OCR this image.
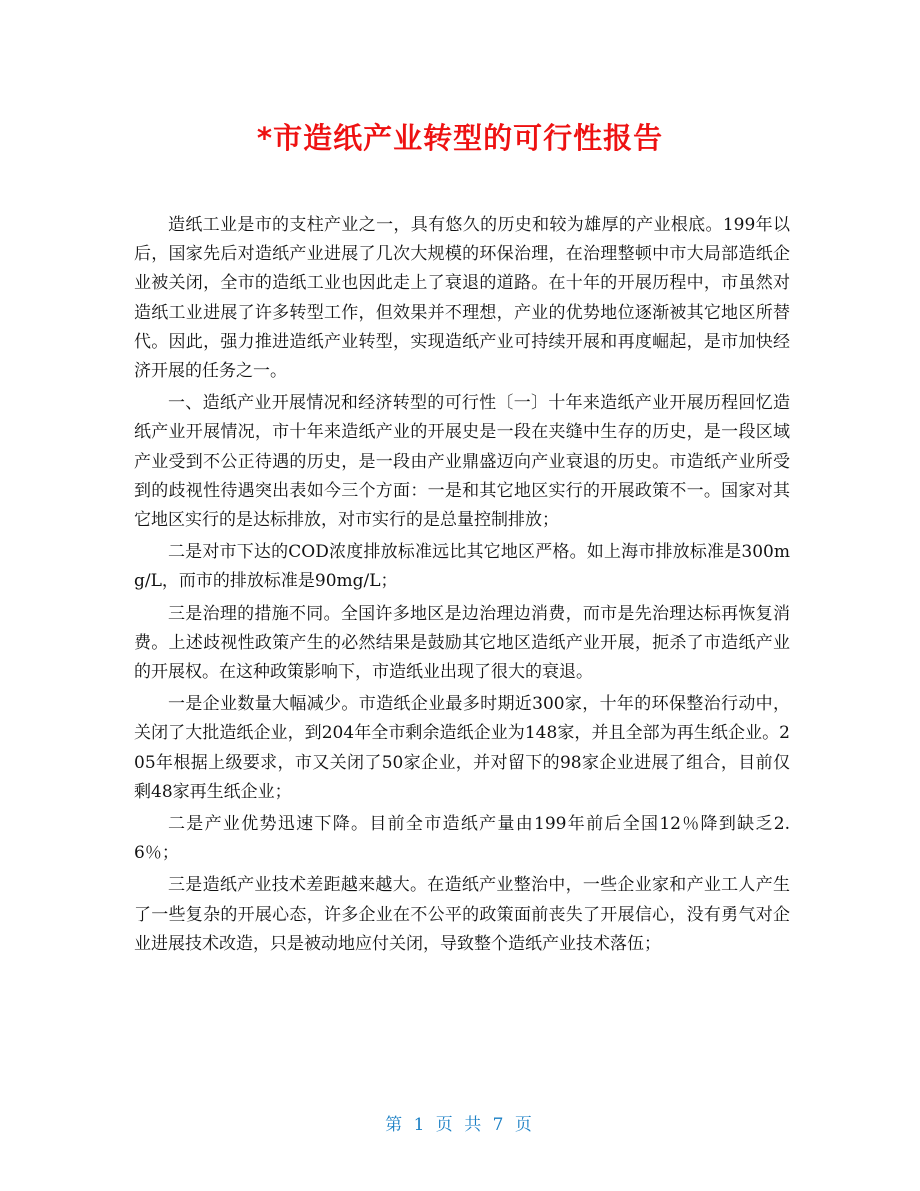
*市造纸产业转型的可行性报告

造纸工业是市的支柱产业之一，具有悠久的历史和较为雄厚的产业根底。199年以后，国家先后对造纸产业进展了几次大规模的环保治理，在治理整顿中市大局部造纸企业被关闭，全市的造纸工业也因此走上了衰退的道路。在十年的开展历程中，市虽然对造纸工业进展了许多转型工作，但效果并不理想，产业的优势地位逐渐被其它地区所替代。因此，强力推进造纸产业转型，实现造纸产业可持续开展和再度崛起，是市加快经济开展的任务之一。

一、造纸产业开展情况和经济转型的可行性〔一〕十年来造纸产业开展历程回忆造纸产业开展情况，市十年来造纸产业的开展史是一段在夹缝中生存的历史，是一段区域产业受到不公正待遇的历史，是一段由产业鼎盛迈向产业衰退的历史。市造纸产业所受到的歧视性待遇突出表如今三个方面：一是和其它地区实行的开展政策不一。国家对其它地区实行的是达标排放，对市实行的是总量控制排放；

二是对市下达的COD浓度排放标准远比其它地区严格。如上海市排放标准是300mg/L，而市的排放标准是90mg/L；

三是治理的措施不同。全国许多地区是边治理边消费，而市是先治理达标再恢复消费。上述歧视性政策产生的必然结果是鼓励其它地区造纸产业开展，扼杀了市造纸产业的开展权。在这种政策影响下，市造纸业出现了很大的衰退。

一是企业数量大幅减少。市造纸企业最多时期近300家，十年的环保整治行动中，关闭了大批造纸企业，到204年全市剩余造纸企业为148家，并且全部为再生纸企业。205年根据上级要求，市又关闭了50家企业，并对留下的98家企业进展了组合，目前仅剩48家再生纸企业；

二是产业优势迅速下降。目前全市造纸产量由199年前后全国12％降到缺乏2.6％；

三是造纸产业技术差距越来越大。在造纸产业整治中，一些企业家和产业工人产生了一些复杂的开展心态，许多企业在不公平的政策面前丧失了开展信心，没有勇气对企业进展技术改造，只是被动地应付关闭，导致整个造纸产业技术落伍；

第 1 页 共 7 页
